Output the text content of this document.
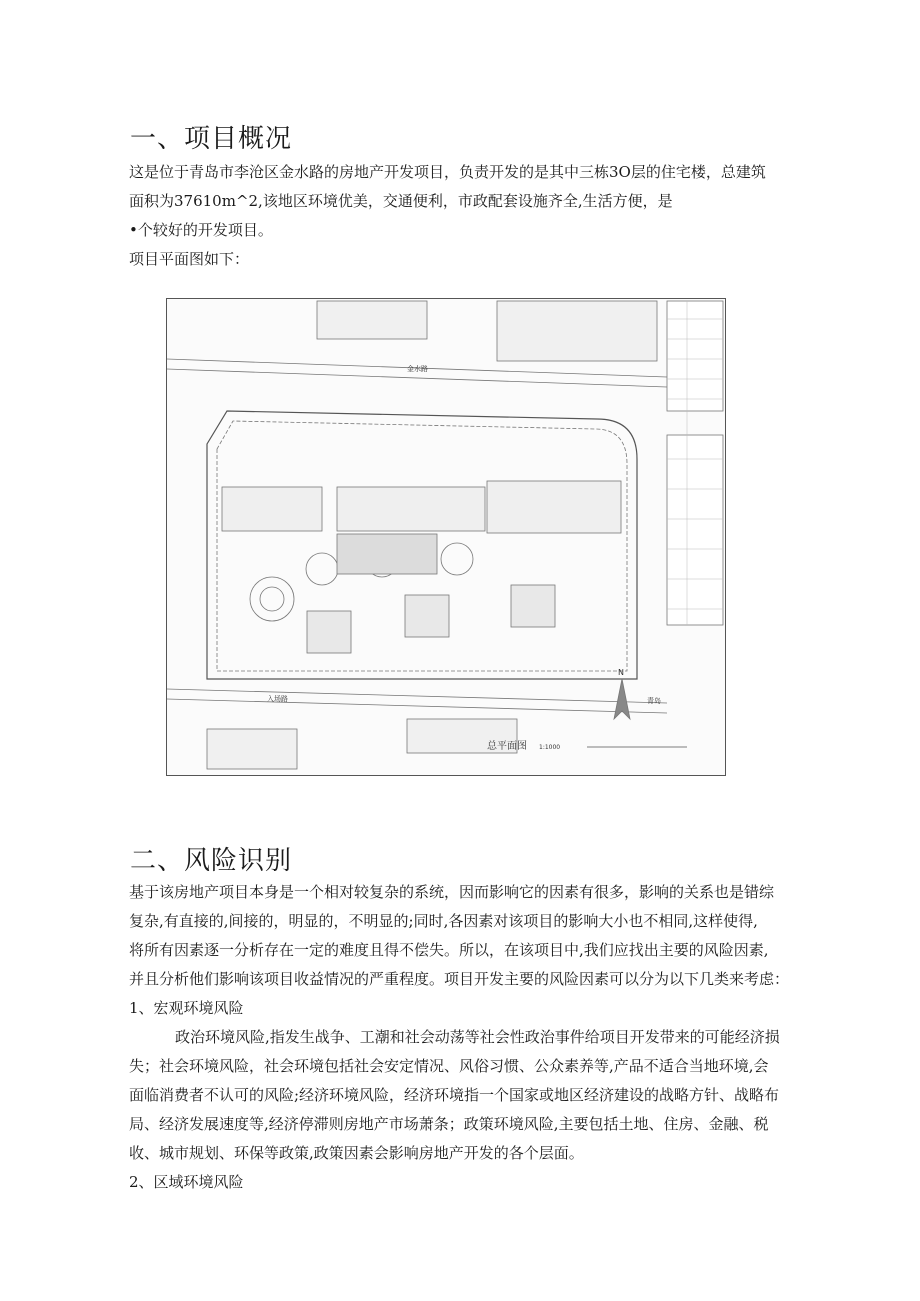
一、项目概况
这是位于青岛市李沧区金水路的房地产开发项目，负责开发的是其中三栋3O层的住宅楼，总建筑
面积为37610m^2,该地区环境优美，交通便利，市政配套设施齐全,生活方便，是
•个较好的开发项目。
项目平面图如下：
金水路
入场路
总平面图 1:1000
N
青岛
二、风险识别
基于该房地产项目本身是一个相对较复杂的系统，因而影响它的因素有很多，影响的关系也是错综
复杂,有直接的,间接的，明显的，不明显的;同时,各因素对该项目的影响大小也不相同,这样使得,
将所有因素逐一分析存在一定的难度且得不偿失。所以，在该项目中,我们应找出主要的风险因素,
并且分析他们影响该项目收益情况的严重程度。项目开发主要的风险因素可以分为以下几类来考虑：
1、宏观环境风险
政治环境风险,指发生战争、工潮和社会动荡等社会性政治事件给项目开发带来的可能经济损
失；社会环境风险，社会环境包括社会安定情况、风俗习惯、公众素养等,产品不适合当地环境,会
面临消费者不认可的风险;经济环境风险，经济环境指一个国家或地区经济建设的战略方针、战略布
局、经济发展速度等,经济停滞则房地产市场萧条；政策环境风险,主要包括土地、住房、金融、税
收、城市规划、环保等政策,政策因素会影响房地产开发的各个层面。
2、区域环境风险
